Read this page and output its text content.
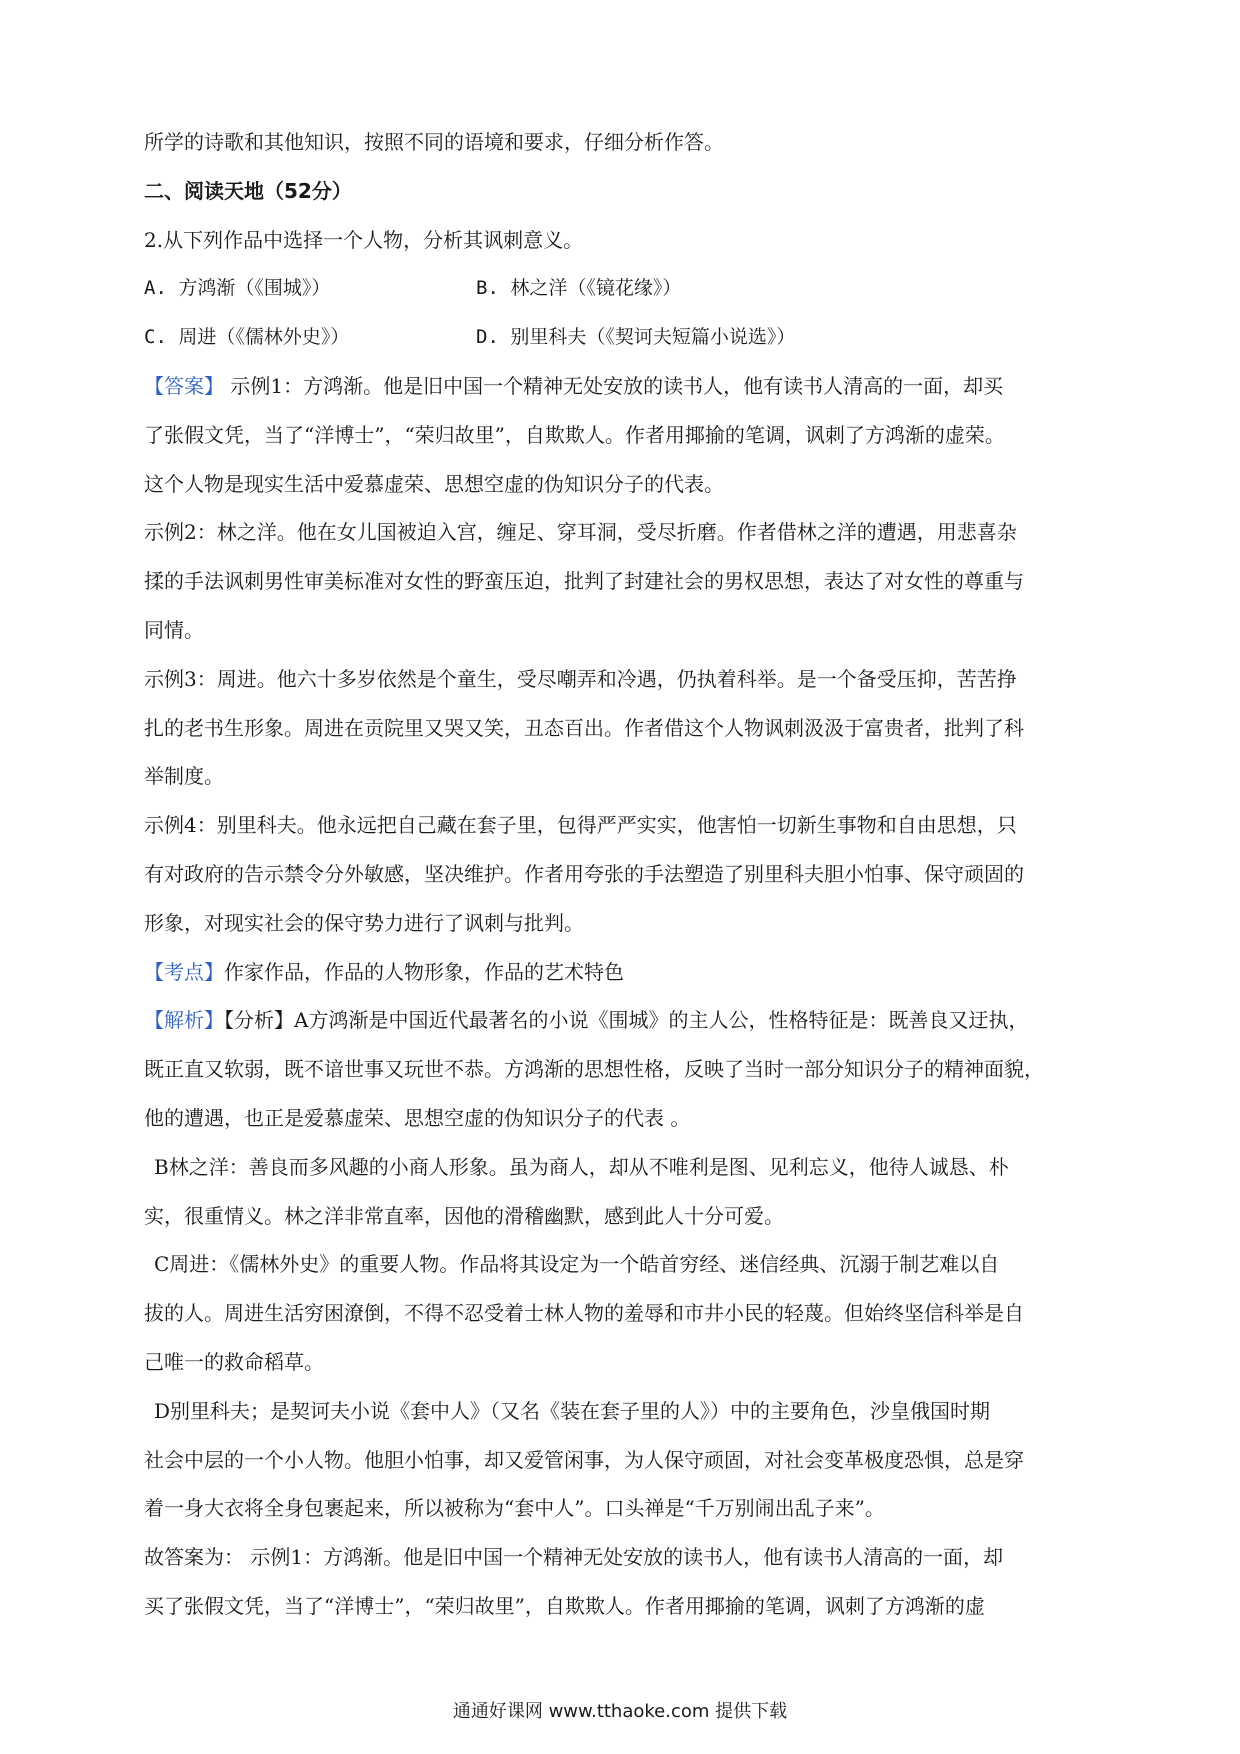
所学的诗歌和其他知识，按照不同的语境和要求，仔细分析作答。
二、阅读天地（52分）
2.从下列作品中选择一个人物，分析其讽刺意义。
A. 方鸿渐（《围城》）	B. 林之洋（《镜花缘》）
C. 周进（《儒林外史》）	D. 别里科夫（《契诃夫短篇小说选》）
【答案】 示例1：方鸿渐。他是旧中国一个精神无处安放的读书人，他有读书人清高的一面，却买
了张假文凭，当了“洋博士”，“荣归故里”，自欺欺人。作者用揶揄的笔调，讽刺了方鸿渐的虚荣。
这个人物是现实生活中爱慕虚荣、思想空虚的伪知识分子的代表。
示例2：林之洋。他在女儿国被迫入宫，缠足、穿耳洞，受尽折磨。作者借林之洋的遭遇，用悲喜杂
揉的手法讽刺男性审美标准对女性的野蛮压迫，批判了封建社会的男权思想，表达了对女性的尊重与
同情。
示例3：周进。他六十多岁依然是个童生，受尽嘲弄和冷遇，仍执着科举。是一个备受压抑，苦苦挣
扎的老书生形象。周进在贡院里又哭又笑，丑态百出。作者借这个人物讽刺汲汲于富贵者，批判了科
举制度。
示例4：别里科夫。他永远把自己藏在套子里，包得严严实实，他害怕一切新生事物和自由思想，只
有对政府的告示禁令分外敏感，坚决维护。作者用夸张的手法塑造了别里科夫胆小怕事、保守顽固的
形象，对现实社会的保守势力进行了讽刺与批判。
【考点】作家作品，作品的人物形象，作品的艺术特色
【解析】【分析】A方鸿渐是中国近代最著名的小说《围城》的主人公，性格特征是：既善良又迂执，
既正直又软弱，既不谙世事又玩世不恭。方鸿渐的思想性格，反映了当时一部分知识分子的精神面貌，
他的遭遇，也正是爱慕虚荣、思想空虚的伪知识分子的代表 。
B林之洋：善良而多风趣的小商人形象。虽为商人，却从不唯利是图、见利忘义，他待人诚恳、朴
实，很重情义。林之洋非常直率，因他的滑稽幽默，感到此人十分可爱。
C周进：《儒林外史》的重要人物。作品将其设定为一个皓首穷经、迷信经典、沉溺于制艺难以自
拔的人。周进生活穷困潦倒，不得不忍受着士林人物的羞辱和市井小民的轻蔑。但始终坚信科举是自
己唯一的救命稻草。
D别里科夫；是契诃夫小说《套中人》（又名《装在套子里的人》）中的主要角色，沙皇俄国时期
社会中层的一个小人物。他胆小怕事，却又爱管闲事，为人保守顽固，对社会变革极度恐惧，总是穿
着一身大衣将全身包裹起来，所以被称为“套中人”。口头禅是“千万别闹出乱子来”。
故答案为： 示例1：方鸿渐。他是旧中国一个精神无处安放的读书人，他有读书人清高的一面，却
买了张假文凭，当了“洋博士”，“荣归故里”，自欺欺人。作者用揶揄的笔调，讽刺了方鸿渐的虚
通通好课网 www.tthaoke.com 提供下载
